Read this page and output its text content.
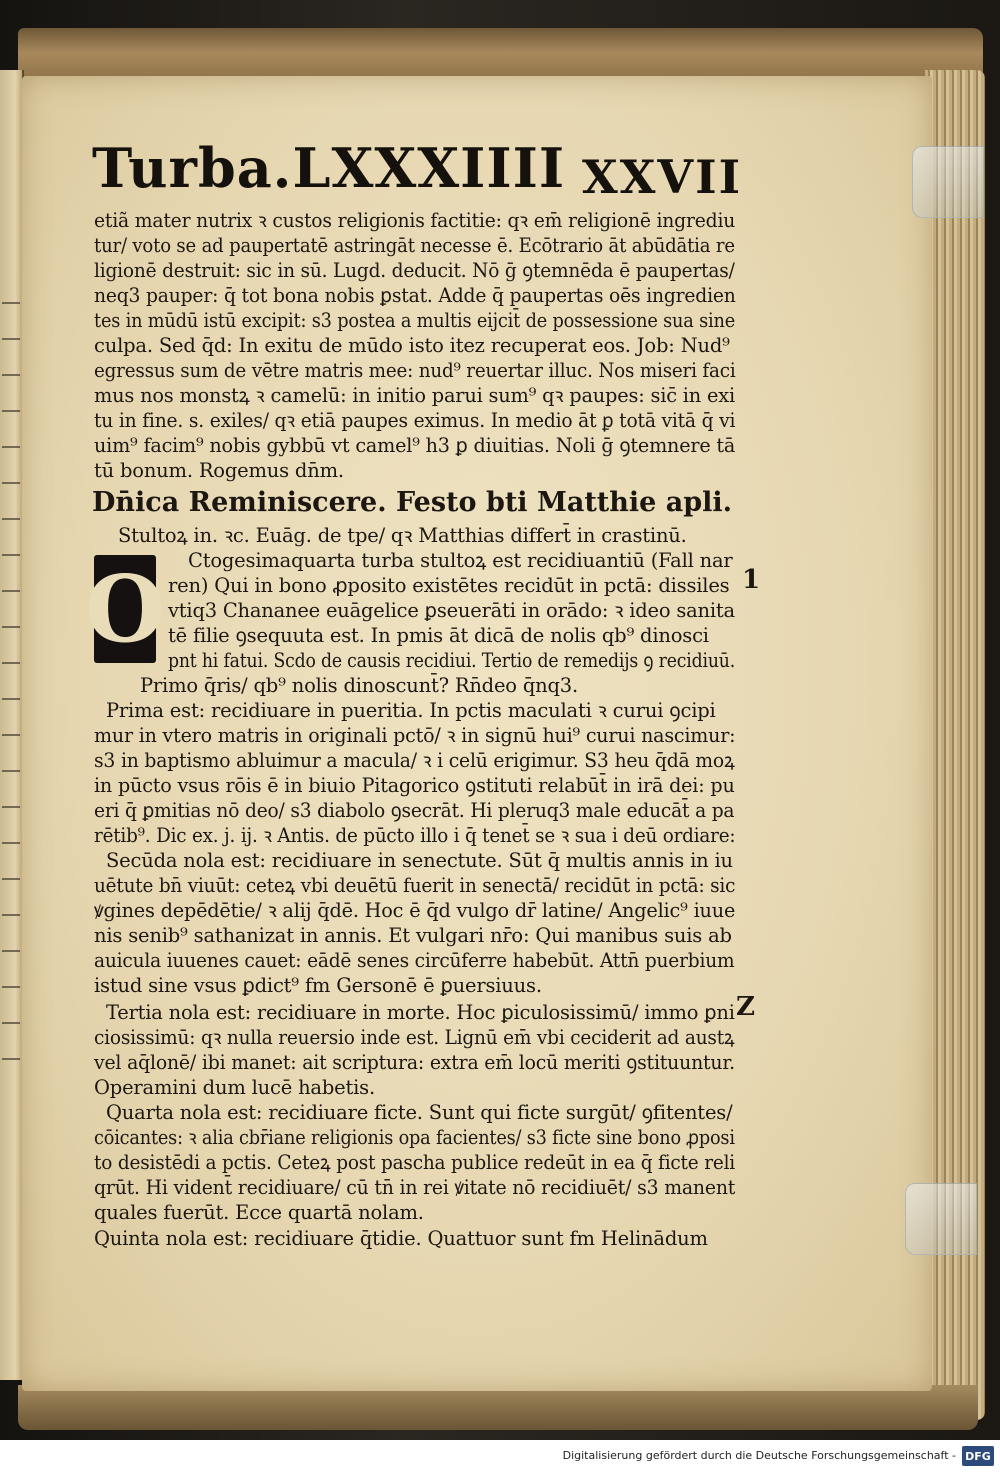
Turba.LXXXIIII XXVII
etiã mater nutrix ꝛ custos religionis factitie: qꝛ em̄ religionē ingrediu
tur/ voto se ad paupertatē astringāt necesse ē. Ecōtrario āt abūdātia re
ligionē destruit: sic in sū. Lugd. deducit. Nō ḡ ꝯtemnēda ē paupertas/
neq3 pauper: q̄ tot bona nobis ꝑstat. Adde q̄ paupertas oēs ingredien
tes in mūdū istū excipit: s3 postea a multis eijcit̄ de possessione sua sine
culpa. Sed q̄d: In exitu de mūdo isto itez recuperat eos. Job: Nud⁹
egressus sum de vētre matris mee: nud⁹ reuertar illuc. Nos miseri faci
mus nos monstꝝ ꝛ camelū: in initio parui sum⁹ qꝛ paupes: sic̄ in exi
tu in fine. s. exiles/ qꝛ etiā paupes eximus. In medio āt ꝑ totā vitā q̄ vi
uim⁹ facim⁹ nobis gybbū vt camel⁹ h3 ꝑ diuitias. Noli ḡ ꝯtemnere tā
tū bonum. Rogemus dn̄m.
Dn̄ica Reminiscere. Festo bti Matthie apli.
Stultoꝝ in. ꝛc. Euāg. de tpe/ qꝛ Matthias differt̄ in crastinū.
O Ctogesimaquarta turba stultoꝝ est recidiuantiū (Fall nar
ren) Qui in bono ꝓposito existētes recidūt in pctā: dissiles
vtiq3 Chananee euāgelice ꝑseuerāti in orādo: ꝛ ideo sanita
tē filie ꝯsequuta est. In pmis āt dicā de nolis qb⁹ dinosci
pnt hi fatui. Scdo de causis recidiui. Tertio de remedijs ꝯ recidiuū.
Primo q̄ris/ qb⁹ nolis dinoscunt̄? Rn̄deo q̄nq3.
Prima est: recidiuare in pueritia. In pctis maculati ꝛ curui ꝯcipi
mur in vtero matris in originali pctō/ ꝛ in signū hui⁹ curui nascimur:
s3 in baptismo abluimur a macula/ ꝛ i celū erigimur. S3 heu q̄dā moꝝ
in pūcto vsus rōis ē in biuio Pitagorico ꝯstituti relabūt̄ in irā dei: pu
eri q̄ ꝑmitias nō deo/ s3 diabolo ꝯsecrāt. Hi pleruq3 male educāt̄ a pa
rētib⁹. Dic ex. j. ij. ꝛ Antis. de pūcto illo i q̄ tenet̄ se ꝛ sua i deū ordiare:
Secūda nola est: recidiuare in senectute. Sūt q̄ multis annis in iu
uētute bn̄ viuūt: ceteꝝ vbi deuētū fuerit in senectā/ recidūt in pctā: sic
ꝟgines depēdētie/ ꝛ alij q̄dē. Hoc ē q̄d vulgo dr̄ latine/ Angelic⁹ iuue
nis senib⁹ sathanizat in annis. Et vulgari nr̄o: Qui manibus suis ab
auicula iuuenes cauet: eādē senes circūferre habebūt. Attn̄ puerbium
istud sine vsus ꝑdict⁹ fm Gersonē ē ꝑuersiuus.
Tertia nola est: recidiuare in morte. Hoc ꝑiculosissimū/ immo ꝑni
ciosissimū: qꝛ nulla reuersio inde est. Lignū em̄ vbi ceciderit ad austꝝ
vel aq̄lonē/ ibi manet: ait scriptura: extra em̄ locū meriti ꝯstituuntur.
Operamini dum lucē habetis.
Quarta nola est: recidiuare ficte. Sunt qui ficte surgūt/ ꝯfitentes/
cōicantes: ꝛ alia cbr̄iane religionis opa facientes/ s3 ficte sine bono ꝓposi
to desistēdi a pctis. Ceteꝝ post pascha publice redeūt in ea q̄ ficte reli
qrūt. Hi vident̄ recidiuare/ cū tn̄ in rei ꝟitate nō recidiuēt/ s3 manent
quales fuerūt. Ecce quartā nolam.
Quinta nola est: recidiuare q̄tidie. Quattuor sunt fm Helinādum
1
Z
Digitalisierung gefördert durch die Deutsche Forschungsgemeinschaft - DFG
